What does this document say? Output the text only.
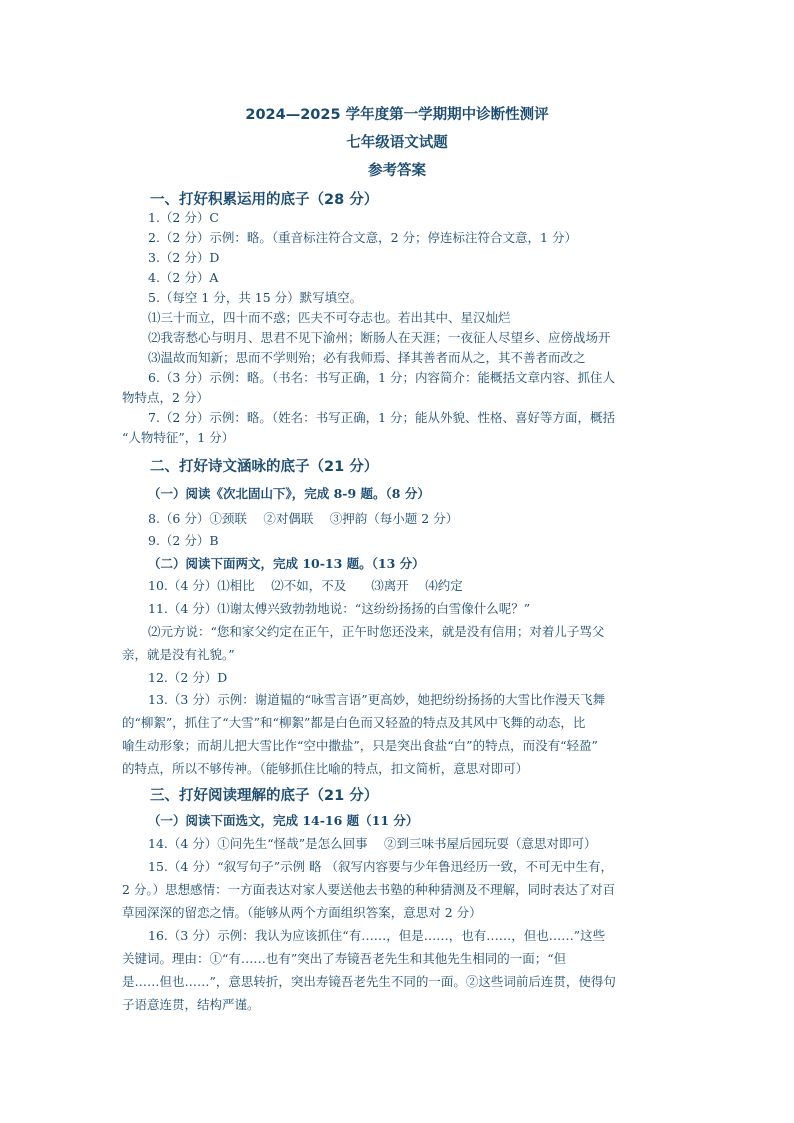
2024—2025 学年度第一学期期中诊断性测评
七年级语文试题
参考答案
一、打好积累运用的底子（28 分）
1.（2 分）C
2.（2 分）示例：略。（重音标注符合文意，2 分；停连标注符合文意，1 分）
3.（2 分）D
4.（2 分）A
5.（每空 1 分，共 15 分）默写填空。
⑴三十而立，四十而不惑；匹夫不可夺志也。若出其中、星汉灿烂
⑵我寄愁心与明月、思君不见下渝州；断肠人在天涯；一夜征人尽望乡、应傍战场开
⑶温故而知新；思而不学则殆；必有我师焉、择其善者而从之，其不善者而改之
6.（3 分）示例：略。（书名：书写正确，1 分；内容简介：能概括文章内容、抓住人
物特点，2 分）
7.（2 分）示例：略。（姓名：书写正确，1 分；能从外貌、性格、喜好等方面，概括
“人物特征”，1 分）
二、打好诗文涵咏的底子（21 分）
（一）阅读《次北固山下》，完成 8-9 题。（8 分）
8.（6 分）①颈联　 ②对偶联　 ③押韵（每小题 2 分）
9.（2 分）B
（二）阅读下面两文，完成 10-13 题。（13 分）
10.（4 分）⑴相比　 ⑵不如，不及　　⑶离开　 ⑷约定
11.（4 分）⑴谢太傅兴致勃勃地说：“这纷纷扬扬的白雪像什么呢？”
⑵元方说：“您和家父约定在正午，正午时您还没来，就是没有信用；对着儿子骂父
亲，就是没有礼貌。”
12.（2 分）D
13.（3 分）示例：谢道韫的“咏雪言语”更高妙，她把纷纷扬扬的大雪比作漫天飞舞
的“柳絮”，抓住了“大雪”和“柳絮”都是白色而又轻盈的特点及其风中飞舞的动态，比
喻生动形象；而胡儿把大雪比作“空中撒盐”，只是突出食盐“白”的特点，而没有“轻盈”
的特点，所以不够传神。（能够抓住比喻的特点，扣文简析，意思对即可）
三、打好阅读理解的底子（21 分）
（一）阅读下面选文，完成 14-16 题（11 分）
14.（4 分）①问先生“怪哉”是怎么回事　 ②到三味书屋后园玩耍（意思对即可）
15.（4 分）“叙写句子”示例 略 （叙写内容要与少年鲁迅经历一致，不可无中生有，
2 分。）思想感情：一方面表达对家人要送他去书塾的种种猜测及不理解，同时表达了对百
草园深深的留恋之情。（能够从两个方面组织答案，意思对 2 分）
16.（3 分）示例：我认为应该抓住“有……，但是……，也有……，但也……”这些
关键词。理由：①“有……也有”突出了寿镜吾老先生和其他先生相同的一面；“但
是……但也……”，意思转折，突出寿镜吾老先生不同的一面。②这些词前后连贯，使得句
子语意连贯，结构严谨。
